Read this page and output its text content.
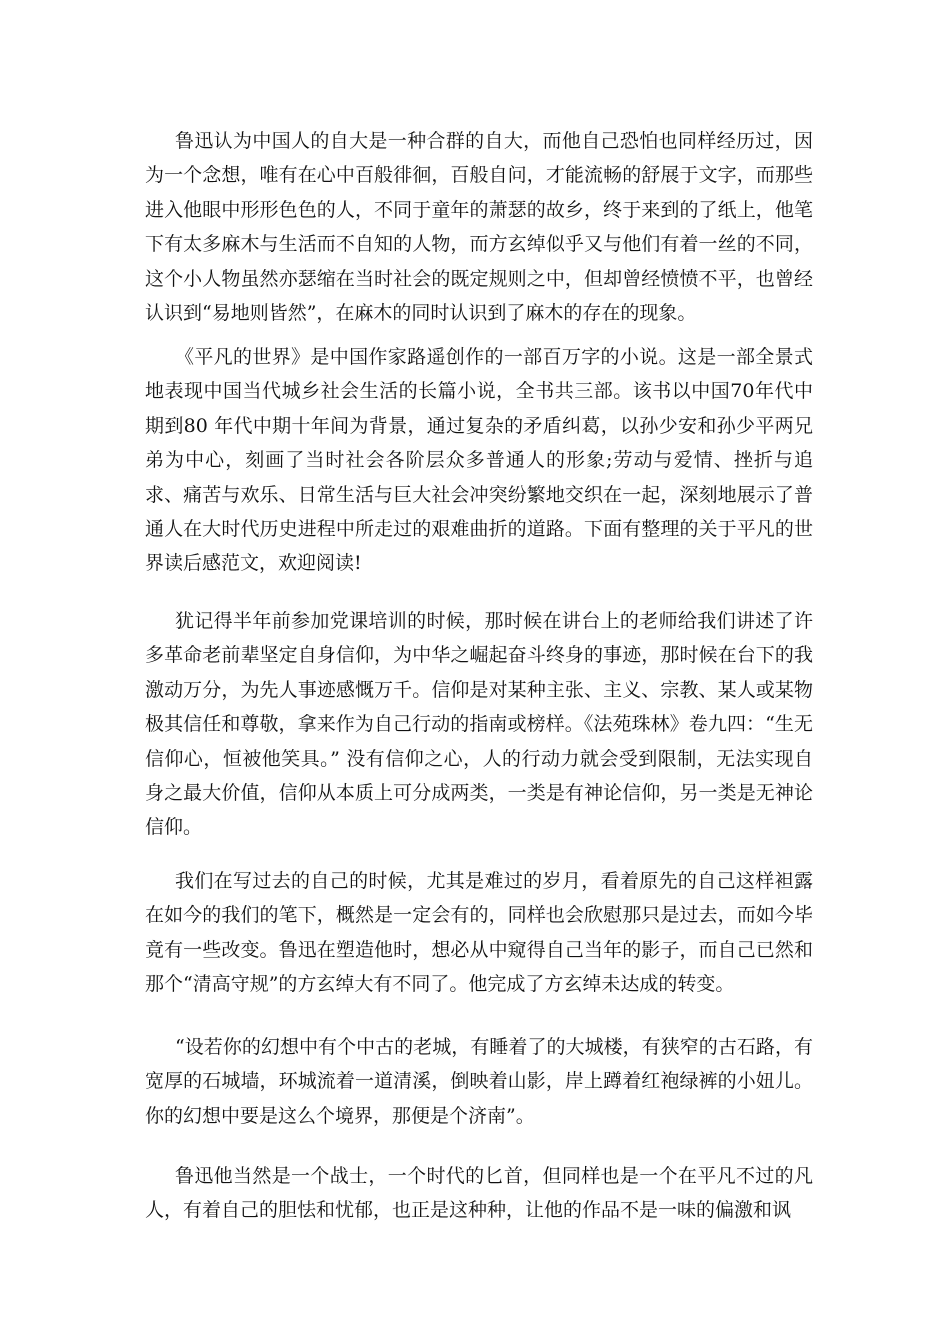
鲁迅认为中国人的自大是一种合群的自大，而他自己恐怕也同样经历过，因为一个念想，唯有在心中百般徘徊，百般自问，才能流畅的舒展于文字，而那些进入他眼中形形色色的人，不同于童年的萧瑟的故乡，终于来到的了纸上，他笔下有太多麻木与生活而不自知的人物，而方玄绰似乎又与他们有着一丝的不同，这个小人物虽然亦瑟缩在当时社会的既定规则之中，但却曾经愤愤不平，也曾经认识到“易地则皆然”，在麻木的同时认识到了麻木的存在的现象。

《平凡的世界》是中国作家路遥创作的一部百万字的小说。这是一部全景式地表现中国当代城乡社会生活的长篇小说，全书共三部。该书以中国70年代中期到80 年代中期十年间为背景，通过复杂的矛盾纠葛，以孙少安和孙少平两兄弟为中心，刻画了当时社会各阶层众多普通人的形象;劳动与爱情、挫折与追求、痛苦与欢乐、日常生活与巨大社会冲突纷繁地交织在一起，深刻地展示了普通人在大时代历史进程中所走过的艰难曲折的道路。下面有整理的关于平凡的世界读后感范文，欢迎阅读!

犹记得半年前参加党课培训的时候，那时候在讲台上的老师给我们讲述了许多革命老前辈坚定自身信仰，为中华之崛起奋斗终身的事迹，那时候在台下的我激动万分，为先人事迹感慨万千。信仰是对某种主张、主义、宗教、某人或某物极其信任和尊敬，拿来作为自己行动的指南或榜样。《法苑珠林》卷九四：“生无信仰心，恒被他笑具。” 没有信仰之心，人的行动力就会受到限制，无法实现自身之最大价值，信仰从本质上可分成两类，一类是有神论信仰，另一类是无神论信仰。

我们在写过去的自己的时候，尤其是难过的岁月，看着原先的自己这样袒露在如今的我们的笔下，概然是一定会有的，同样也会欣慰那只是过去，而如今毕竟有一些改变。鲁迅在塑造他时，想必从中窥得自己当年的影子，而自己已然和那个“清高守规”的方玄绰大有不同了。他完成了方玄绰未达成的转变。

“设若你的幻想中有个中古的老城，有睡着了的大城楼，有狭窄的古石路，有宽厚的石城墙，环城流着一道清溪，倒映着山影，岸上蹲着红袍绿裤的小妞儿。你的幻想中要是这么个境界，那便是个济南”。

鲁迅他当然是一个战士，一个时代的匕首，但同样也是一个在平凡不过的凡人，有着自己的胆怯和忧郁，也正是这种种，让他的作品不是一味的偏激和讽
